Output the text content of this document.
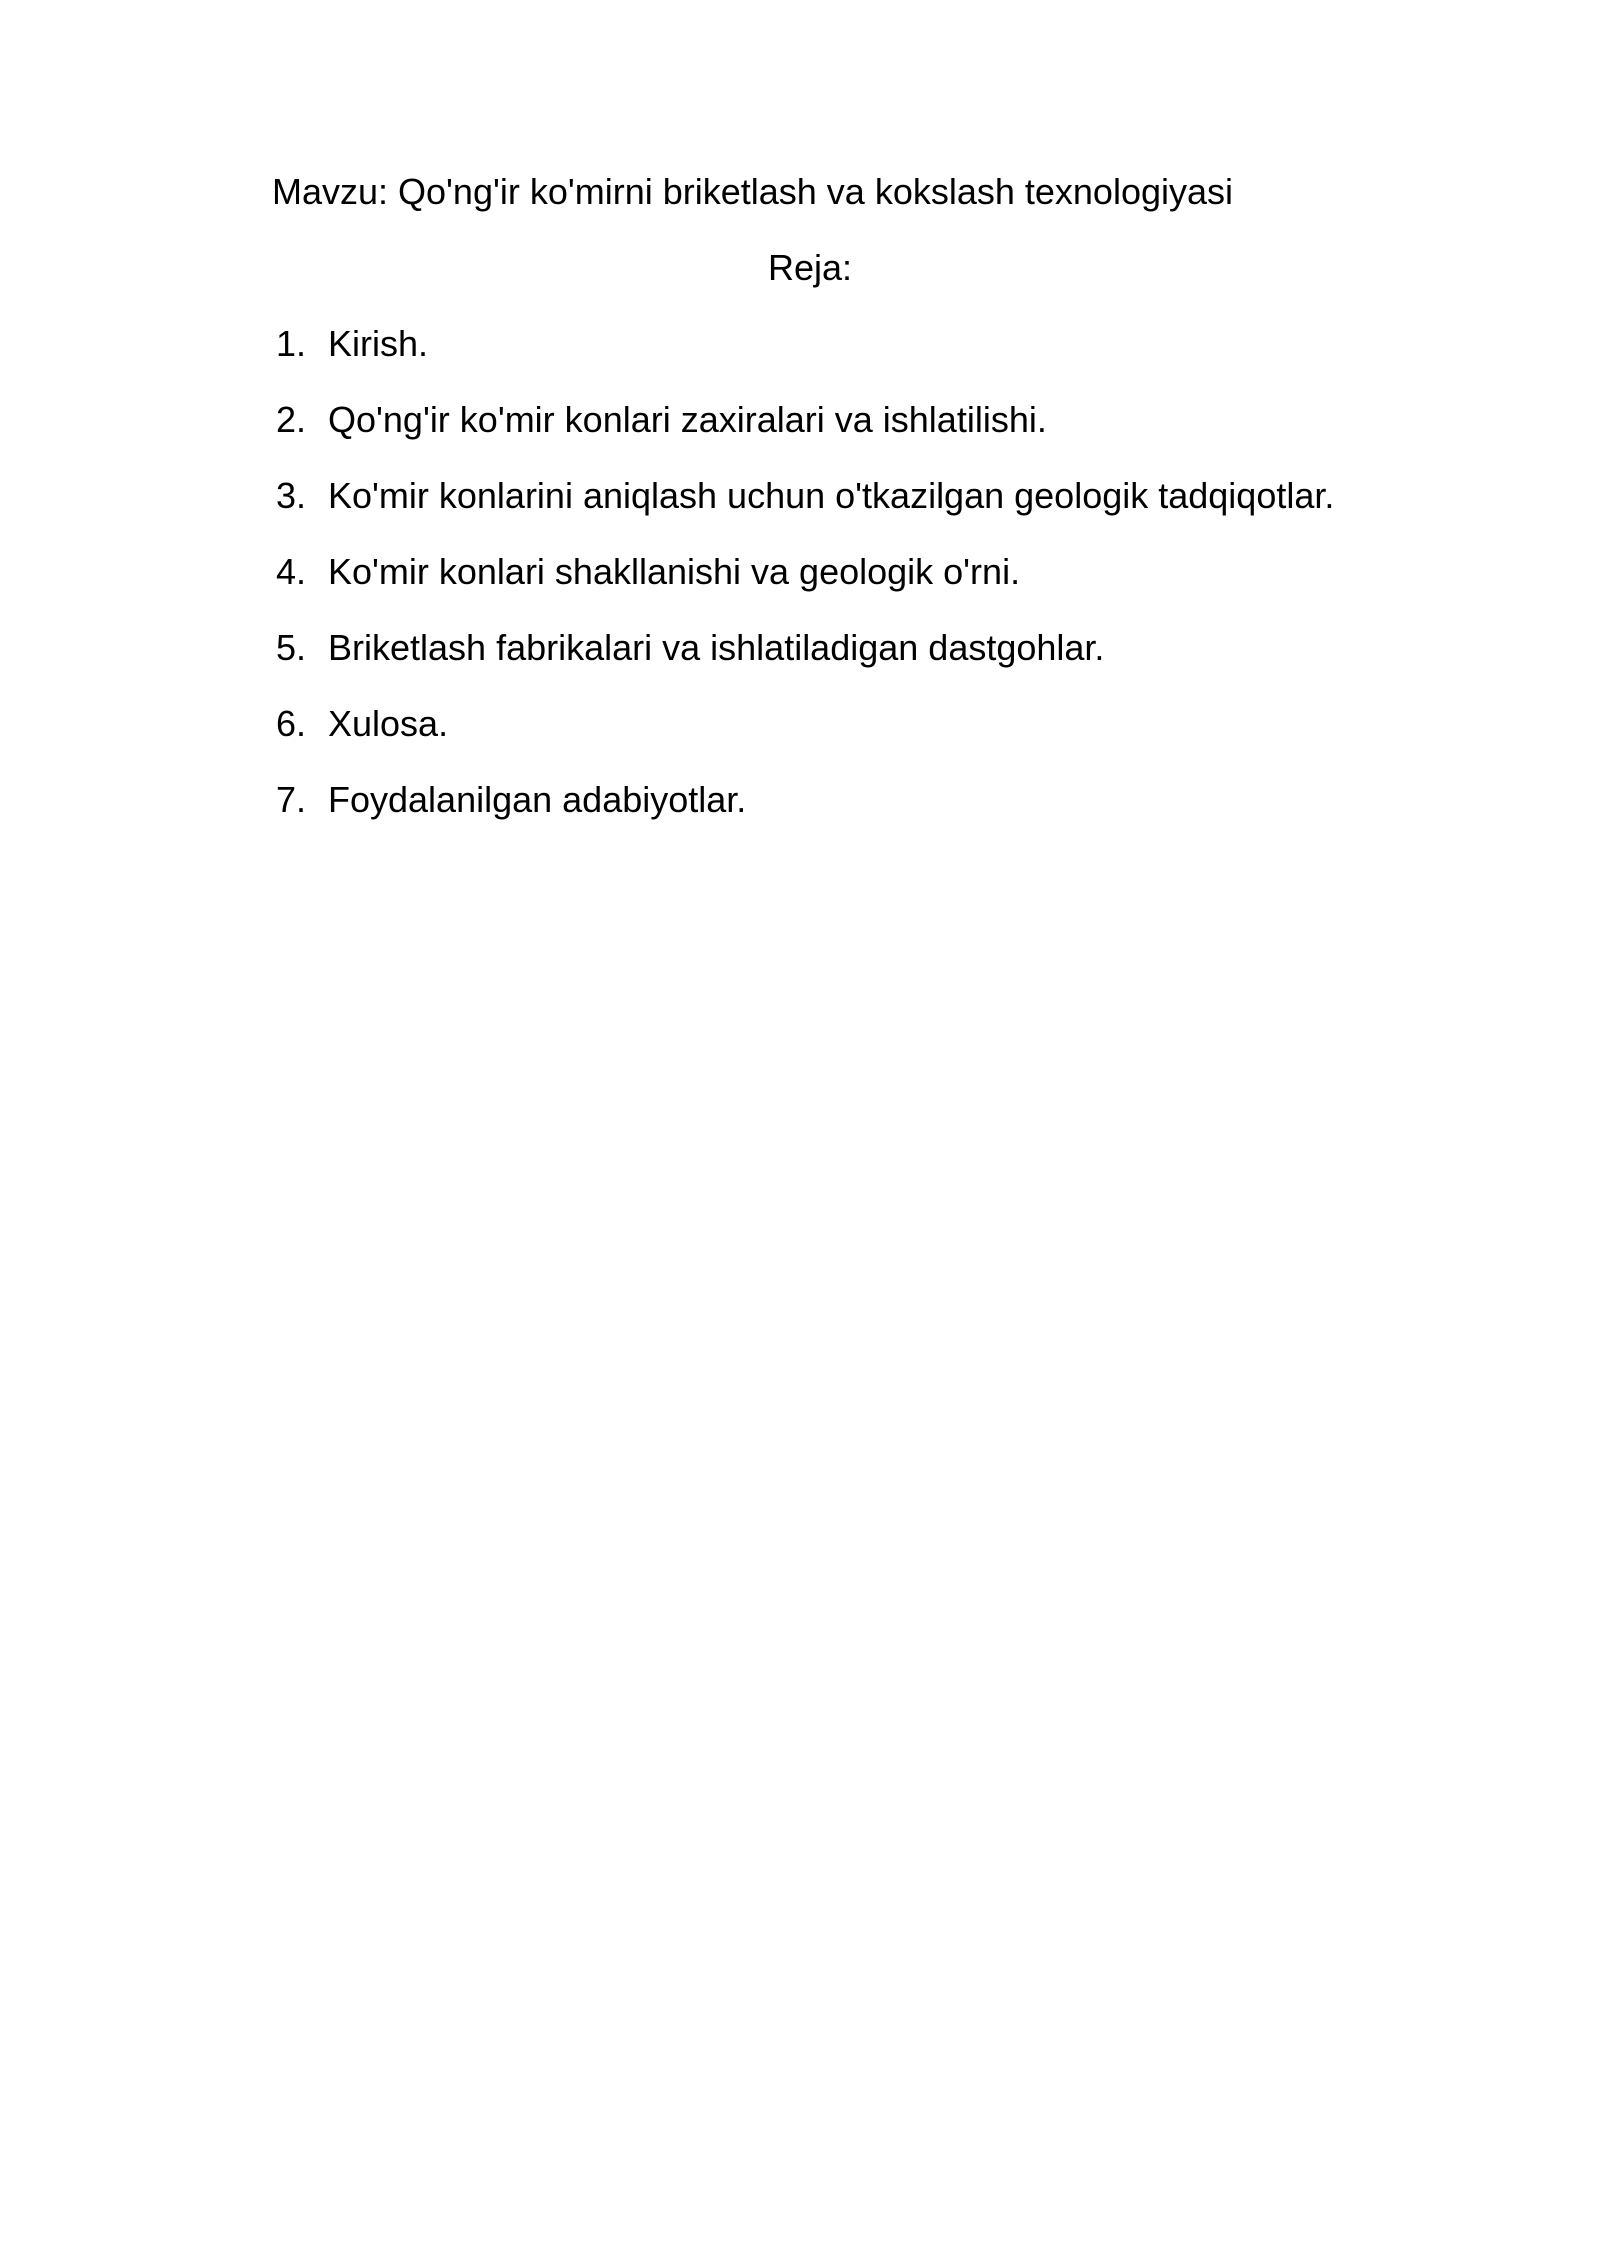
Mavzu: Qo'ng'ir ko'mirni briketlash va kokslash texnologiyasi
Reja:
1. Kirish.
2. Qo'ng'ir ko'mir konlari zaxiralari va ishlatilishi.
3. Ko'mir konlarini aniqlash uchun o'tkazilgan geologik tadqiqotlar.
4. Ko'mir konlari shakllanishi va geologik o'rni.
5. Briketlash fabrikalari va ishlatiladigan dastgohlar.
6. Xulosa.
7. Foydalanilgan adabiyotlar.
